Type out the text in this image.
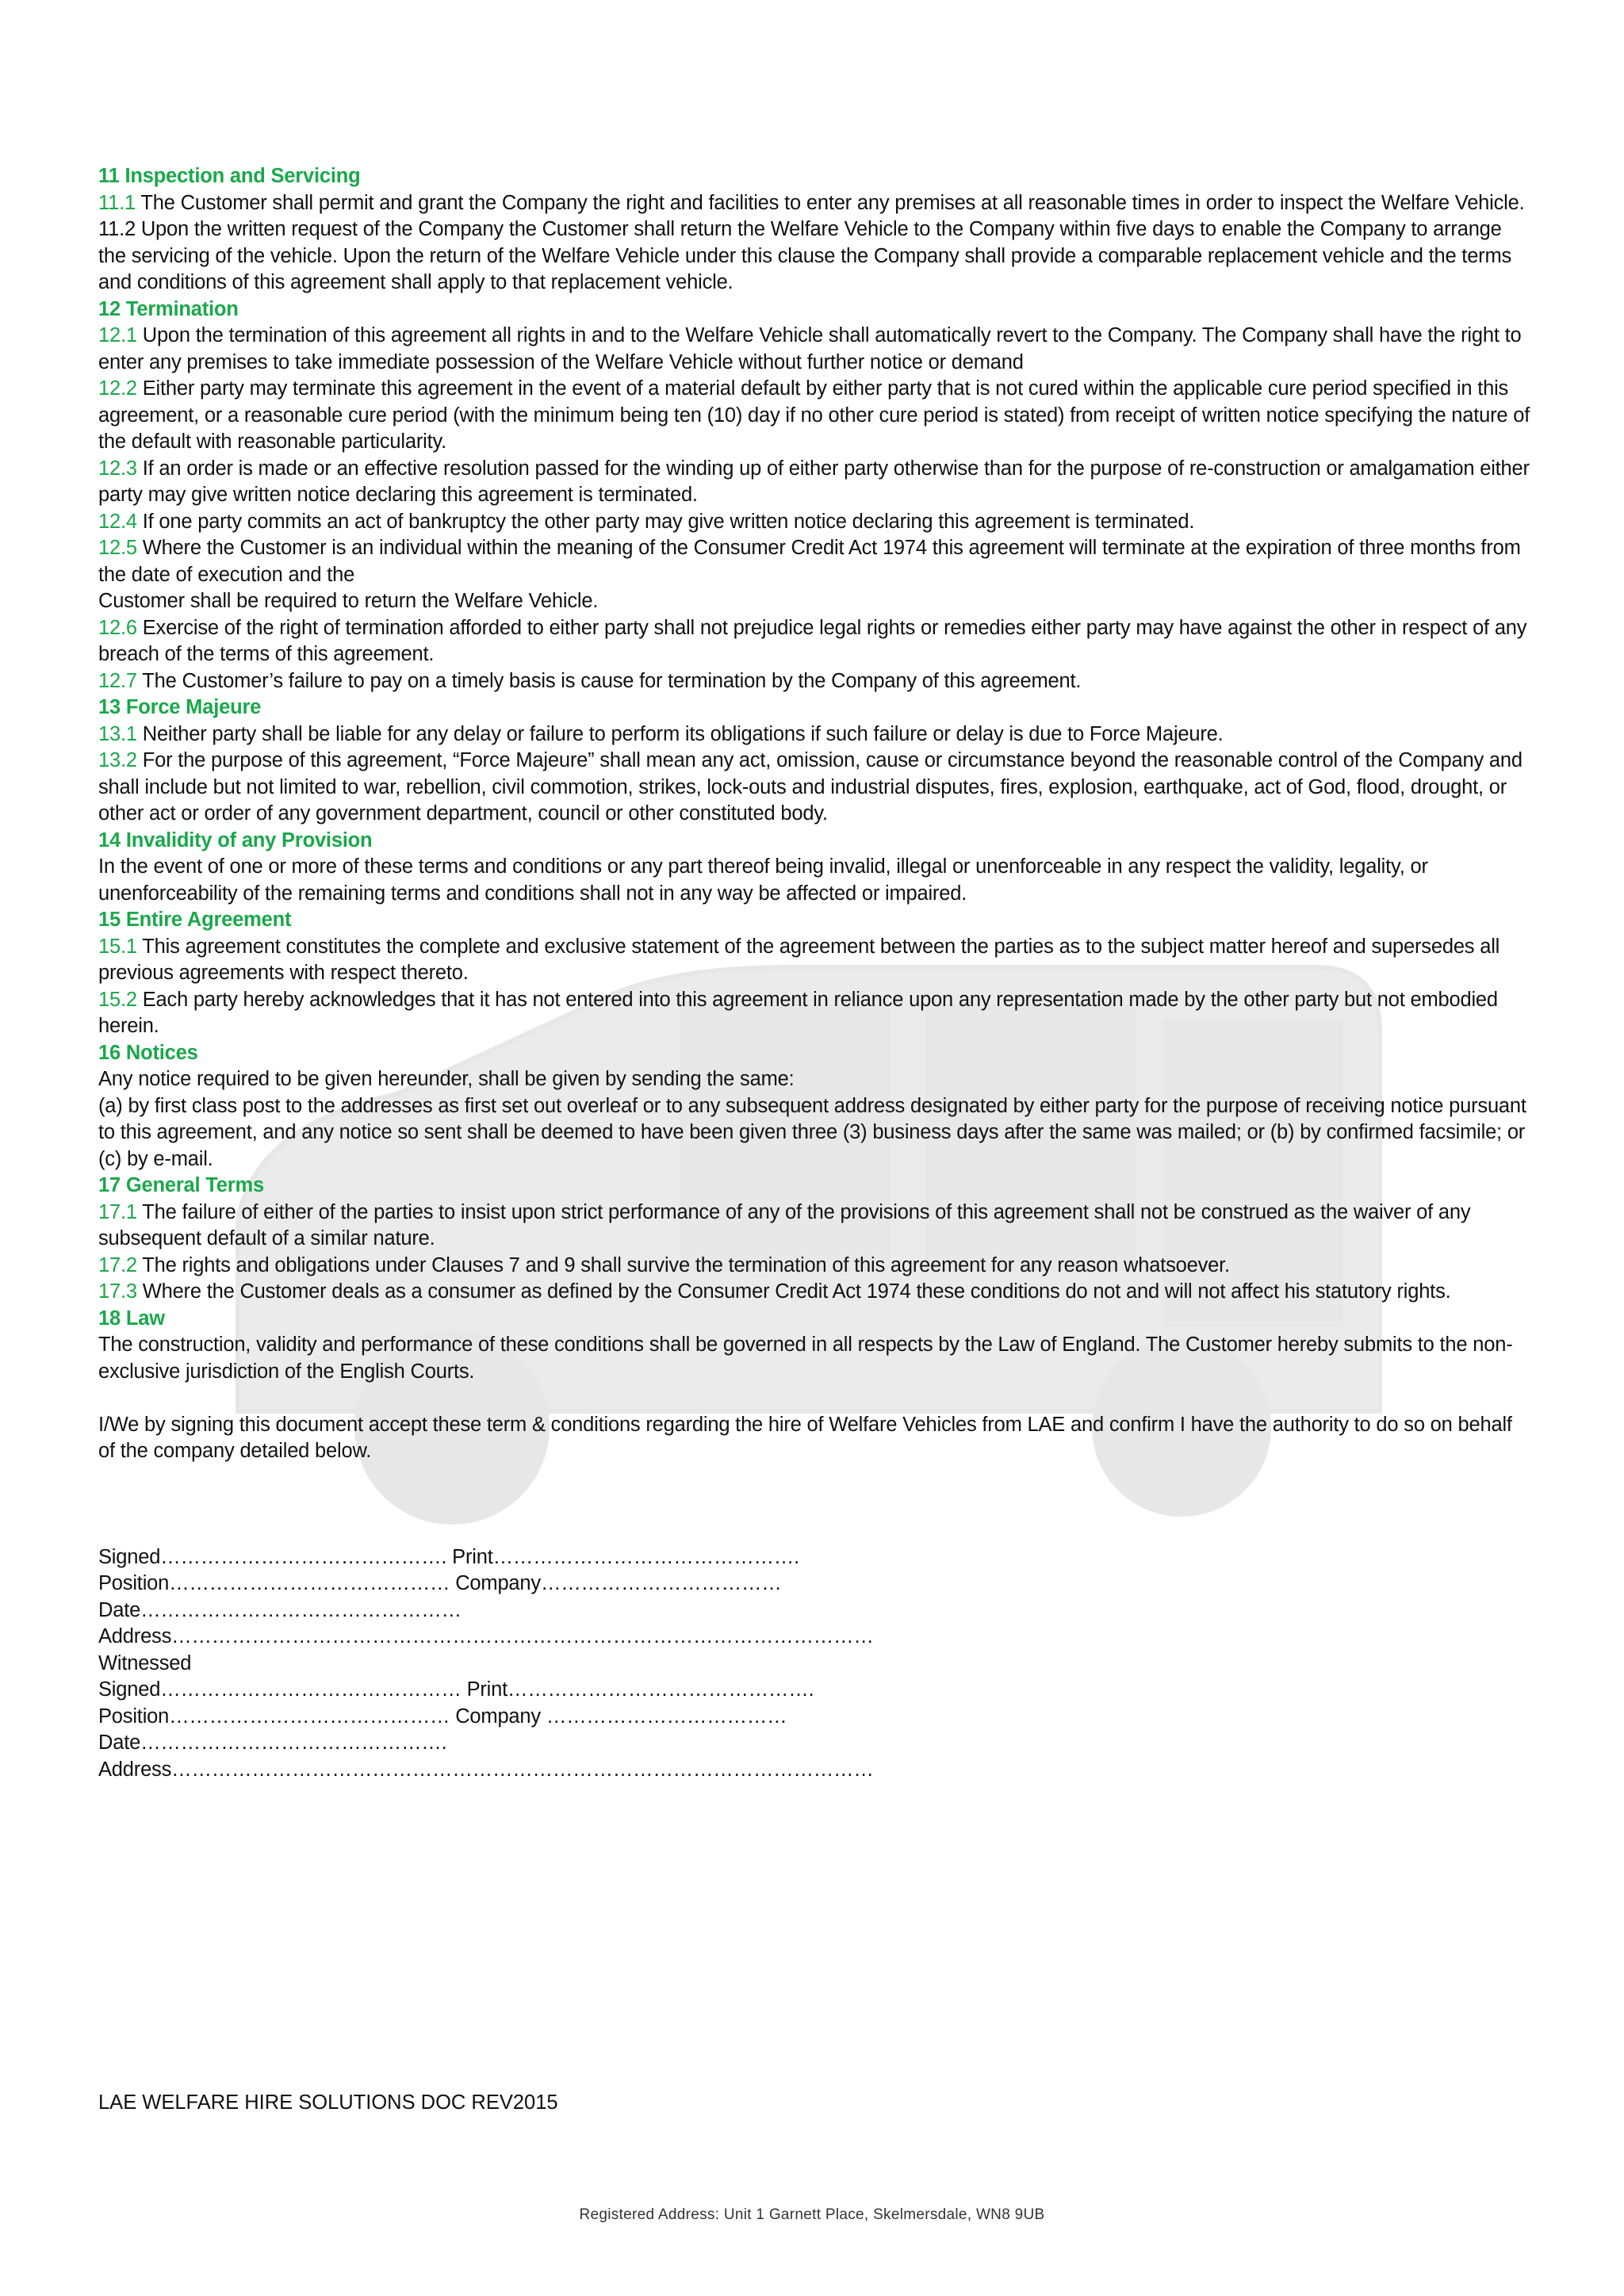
11 Inspection and Servicing
11.1 The Customer shall permit and grant the Company the right and facilities to enter any premises at all reasonable times in order to inspect the Welfare Vehicle.
11.2 Upon the written request of the Company the Customer shall return the Welfare Vehicle to the Company within five days to enable the Company to arrange the servicing of the vehicle. Upon the return of the Welfare Vehicle under this clause the Company shall provide a comparable replacement vehicle and the terms and conditions of this agreement shall apply to that replacement vehicle.
12 Termination
12.1 Upon the termination of this agreement all rights in and to the Welfare Vehicle shall automatically revert to the Company. The Company shall have the right to enter any premises to take immediate possession of the Welfare Vehicle without further notice or demand
12.2 Either party may terminate this agreement in the event of a material default by either party that is not cured within the applicable cure period specified in this agreement, or a reasonable cure period (with the minimum being ten (10) day if no other cure period is stated) from receipt of written notice specifying the nature of the default with reasonable particularity.
12.3 If an order is made or an effective resolution passed for the winding up of either party otherwise than for the purpose of re-construction or amalgamation either party may give written notice declaring this agreement is terminated.
12.4 If one party commits an act of bankruptcy the other party may give written notice declaring this agreement is terminated.
12.5 Where the Customer is an individual within the meaning of the Consumer Credit Act 1974 this agreement will terminate at the expiration of three months from the date of execution and the
Customer shall be required to return the Welfare Vehicle.
12.6 Exercise of the right of termination afforded to either party shall not prejudice legal rights or remedies either party may have against the other in respect of any breach of the terms of this agreement.
12.7 The Customer’s failure to pay on a timely basis is cause for termination by the Company of this agreement.
13 Force Majeure
13.1 Neither party shall be liable for any delay or failure to perform its obligations if such failure or delay is due to Force Majeure.
13.2 For the purpose of this agreement, “Force Majeure” shall mean any act, omission, cause or circumstance beyond the reasonable control of the Company and shall include but not limited to war, rebellion, civil commotion, strikes, lock-outs and industrial disputes, fires, explosion, earthquake, act of God, flood, drought, or other act or order of any government department, council or other constituted body.
14 Invalidity of any Provision
In the event of one or more of these terms and conditions or any part thereof being invalid, illegal or unenforceable in any respect the validity, legality, or unenforceability of the remaining terms and conditions shall not in any way be affected or impaired.
15 Entire Agreement
15.1 This agreement constitutes the complete and exclusive statement of the agreement between the parties as to the subject matter hereof and supersedes all previous agreements with respect thereto.
15.2 Each party hereby acknowledges that it has not entered into this agreement in reliance upon any representation made by the other party but not embodied herein.
16 Notices
Any notice required to be given hereunder, shall be given by sending the same:
(a) by first class post to the addresses as first set out overleaf or to any subsequent address designated by either party for the purpose of receiving notice pursuant to this agreement, and any notice so sent shall be deemed to have been given three (3) business days after the same was mailed; or (b) by confirmed facsimile; or (c) by e-mail.
17 General Terms
17.1 The failure of either of the parties to insist upon strict performance of any of the provisions of this agreement shall not be construed as the waiver of any subsequent default of a similar nature.
17.2 The rights and obligations under Clauses 7 and 9 shall survive the termination of this agreement for any reason whatsoever.
17.3 Where the Customer deals as a consumer as defined by the Consumer Credit Act 1974 these conditions do not and will not affect his statutory rights.
18 Law
The construction, validity and performance of these conditions shall be governed in all respects by the Law of England. The Customer hereby submits to the non-exclusive jurisdiction of the English Courts.
I/We by signing this document accept these term & conditions regarding the hire of Welfare Vehicles from LAE and confirm I have the authority to do so on behalf of the company detailed below.
Signed……………………………………. Print……………………………………….
Position…………………………………… Company………………………………
Date…………………………………………
Address……………………………………………………………………………………………
Witnessed
Signed……………………………………… Print……………………………………….
Position…………………………………… Company ………………………………
Date……………………………………….
Address……………………………………………………………………………………………
LAE WELFARE HIRE SOLUTIONS DOC REV2015
Registered Address: Unit 1 Garnett Place, Skelmersdale, WN8 9UB
